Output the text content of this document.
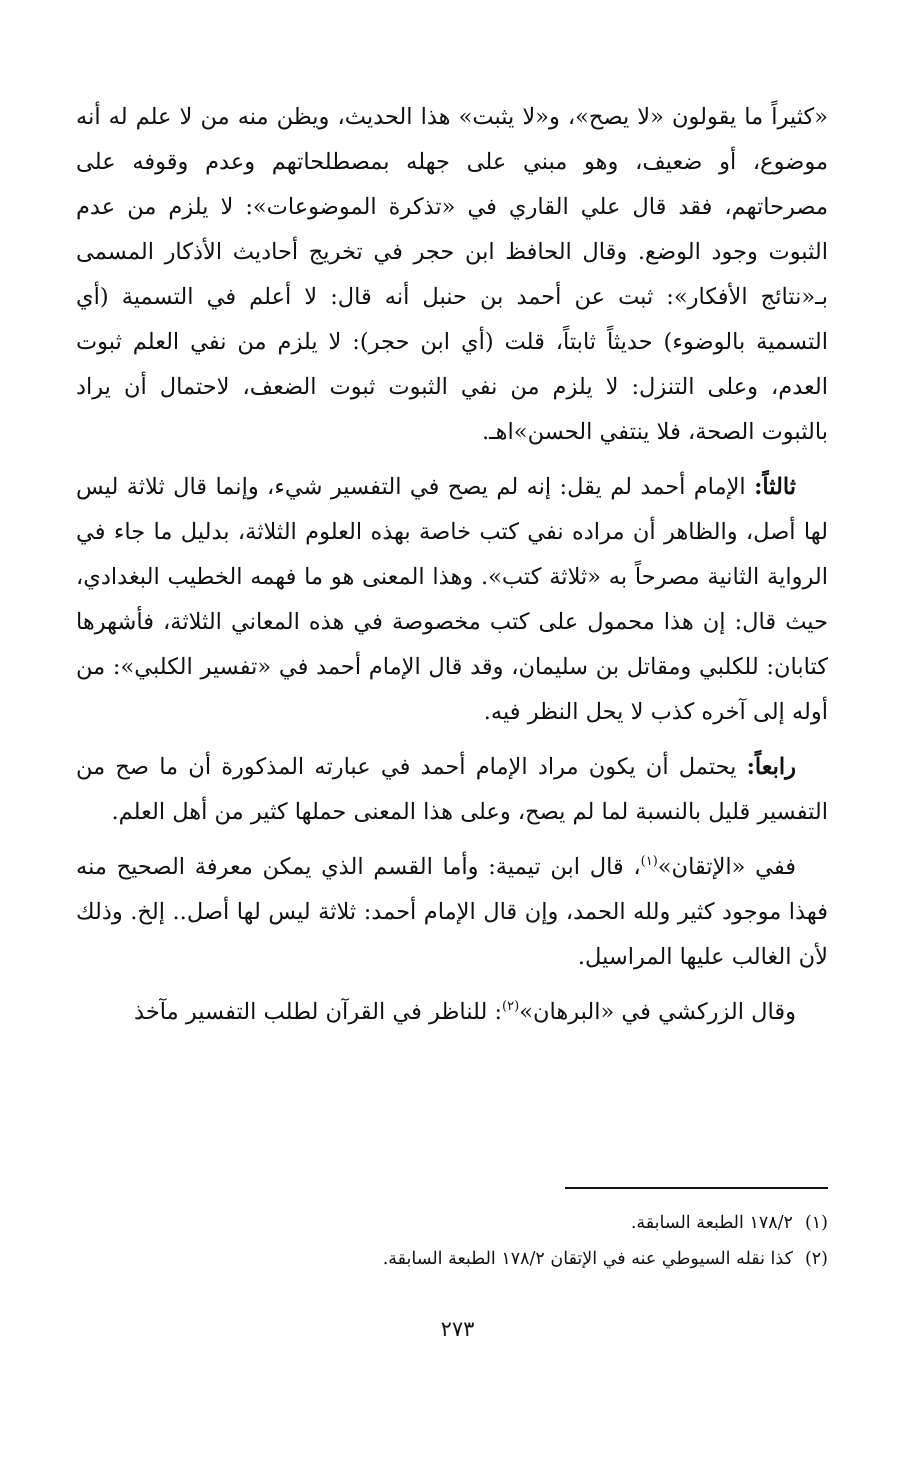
«كثيراً ما يقولون «لا يصح»، و«لا يثبت» هذا الحديث، ويظن منه من لا علم له أنه موضوع، أو ضعيف، وهو مبني على جهله بمصطلحاتهم وعدم وقوفه على مصرحاتهم، فقد قال علي القاري في «تذكرة الموضوعات»: لا يلزم من عدم الثبوت وجود الوضع. وقال الحافظ ابن حجر في تخريج أحاديث الأذكار المسمى بـ«نتائج الأفكار»: ثبت عن أحمد بن حنبل أنه قال: لا أعلم في التسمية (أي التسمية بالوضوء) حديثاً ثابتاً، قلت (أي ابن حجر): لا يلزم من نفي العلم ثبوت العدم، وعلى التنزل: لا يلزم من نفي الثبوت ثبوت الضعف، لاحتمال أن يراد بالثبوت الصحة، فلا ينتفي الحسن»اهـ.

ثالثاً: الإمام أحمد لم يقل: إنه لم يصح في التفسير شيء، وإنما قال ثلاثة ليس لها أصل، والظاهر أن مراده نفي كتب خاصة بهذه العلوم الثلاثة، بدليل ما جاء في الرواية الثانية مصرحاً به «ثلاثة كتب». وهذا المعنى هو ما فهمه الخطيب البغدادي، حيث قال: إن هذا محمول على كتب مخصوصة في هذه المعاني الثلاثة، فأشهرها كتابان: للكلبي ومقاتل بن سليمان، وقد قال الإمام أحمد في «تفسير الكلبي»: من أوله إلى آخره كذب لا يحل النظر فيه.

رابعاً: يحتمل أن يكون مراد الإمام أحمد في عبارته المذكورة أن ما صح من التفسير قليل بالنسبة لما لم يصح، وعلى هذا المعنى حملها كثير من أهل العلم.

ففي «الإتقان»$^{(١)}$، قال ابن تيمية: وأما القسم الذي يمكن معرفة الصحيح منه فهذا موجود كثير ولله الحمد، وإن قال الإمام أحمد: ثلاثة ليس لها أصل.. إلخ. وذلك لأن الغالب عليها المراسيل.

وقال الزركشي في «البرهان»$^{(٢)}$: للناظر في القرآن لطلب التفسير مآخذ

(١)١٧٨/٢ الطبعة السابقة.
(٢)كذا نقله السيوطي عنه في الإتقان ١٧٨/٢ الطبعة السابقة.
٢٧٣
